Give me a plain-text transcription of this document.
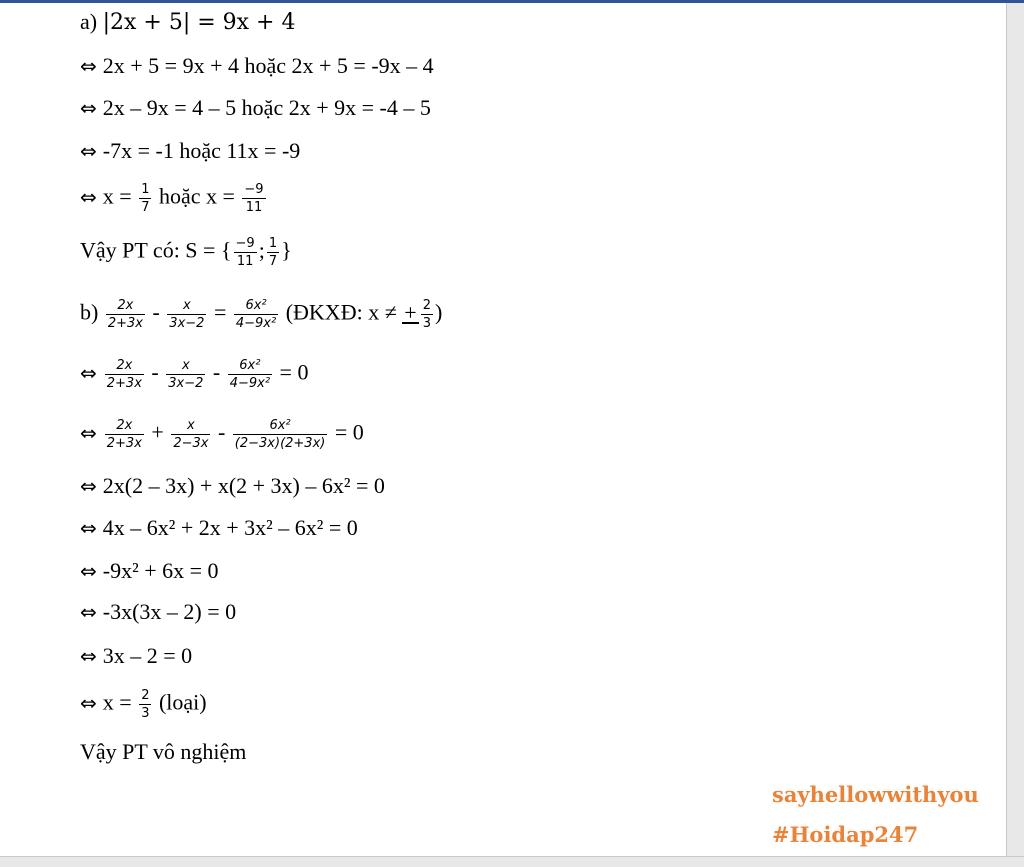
a) |2x + 5| = 9x + 4
⇔ 2x + 5 = 9x + 4 hoặc 2x + 5 = -9x – 4
⇔ 2x – 9x = 4 – 5 hoặc 2x + 9x = -4 – 5
⇔ -7x = -1 hoặc 11x = -9
⇔ $x = \frac{1}{7}$ hoặc $x = \frac{-9}{11}$
Vậy PT có: S = { $\frac{-9}{11}$ ; $\frac{1}{7}$ }
$b) \frac{2x}{2+3x} - \frac{x}{3x-2} = \frac{\text{6x²}}{\text{4−9x²}}$ (ĐKXĐ: x ≠ + $\frac{2}{3}$ )
⇔ $\frac{2x}{2+3x} - \frac{x}{3x-2} - \frac{\text{6x²}}{\text{4−9x²}} = 0$
⇔ $\frac{2x}{2+3x} + \frac{x}{2-3x} - \frac{\text{6x²}}{(2-3x)(2+3x)} = 0$
⇔ 2x(2 – 3x) + x(2 + 3x) – 6x² = 0
⇔ 4x – 6x² + 2x + 3x² – 6x² = 0
⇔ -9x² + 6x = 0
⇔ -3x(3x – 2) = 0
⇔ 3x – 2 = 0
⇔ $x = \frac{2}{3}$ (loại)
Vậy PT vô nghiệm
sayhellowwithyou
#Hoidap247
